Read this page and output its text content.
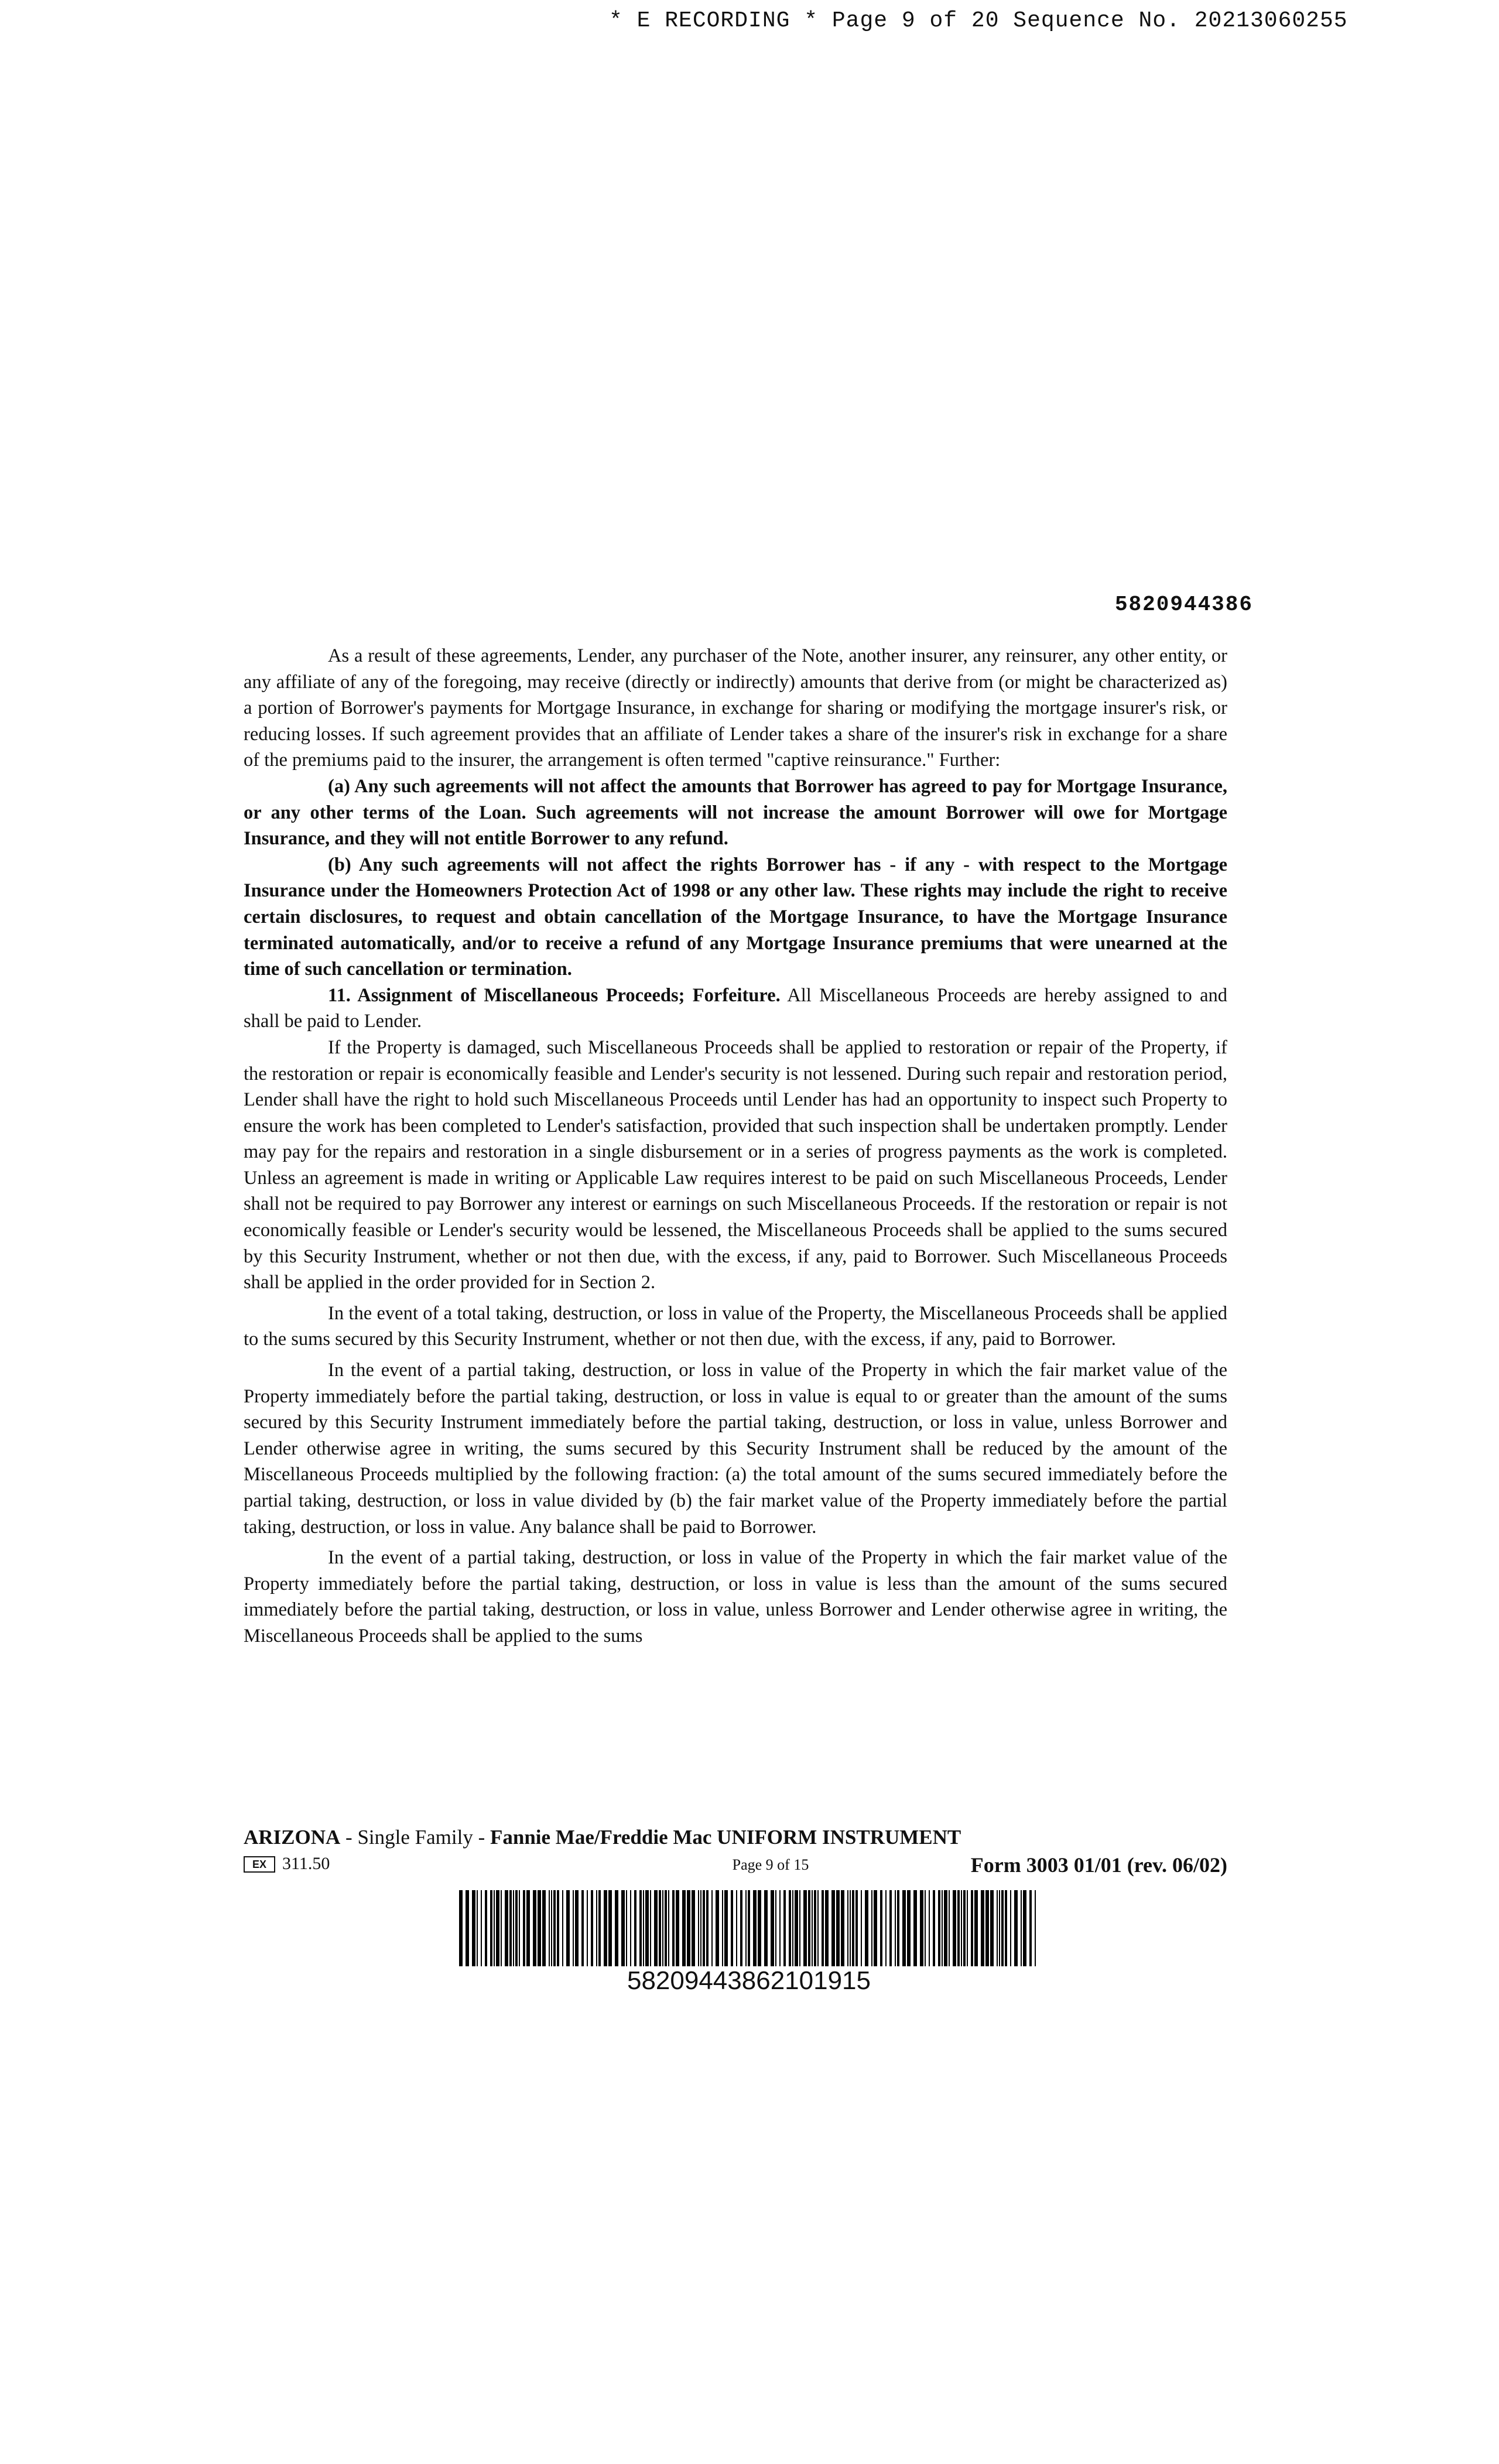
* E RECORDING * Page 9 of 20 Sequence No. 20213060255
5820944386

As a result of these agreements, Lender, any purchaser of the Note, another insurer, any reinsurer, any other entity, or any affiliate of any of the foregoing, may receive (directly or indirectly) amounts that derive from (or might be characterized as) a portion of Borrower's payments for Mortgage Insurance, in exchange for sharing or modifying the mortgage insurer's risk, or reducing losses. If such agreement provides that an affiliate of Lender takes a share of the insurer's risk in exchange for a share of the premiums paid to the insurer, the arrangement is often termed "captive reinsurance." Further:

(a) Any such agreements will not affect the amounts that Borrower has agreed to pay for Mortgage Insurance, or any other terms of the Loan. Such agreements will not increase the amount Borrower will owe for Mortgage Insurance, and they will not entitle Borrower to any refund.

(b) Any such agreements will not affect the rights Borrower has - if any - with respect to the Mortgage Insurance under the Homeowners Protection Act of 1998 or any other law. These rights may include the right to receive certain disclosures, to request and obtain cancellation of the Mortgage Insurance, to have the Mortgage Insurance terminated automatically, and/or to receive a refund of any Mortgage Insurance premiums that were unearned at the time of such cancellation or termination.

11. Assignment of Miscellaneous Proceeds; Forfeiture. All Miscellaneous Proceeds are hereby assigned to and shall be paid to Lender.

If the Property is damaged, such Miscellaneous Proceeds shall be applied to restoration or repair of the Property, if the restoration or repair is economically feasible and Lender's security is not lessened. During such repair and restoration period, Lender shall have the right to hold such Miscellaneous Proceeds until Lender has had an opportunity to inspect such Property to ensure the work has been completed to Lender's satisfaction, provided that such inspection shall be undertaken promptly. Lender may pay for the repairs and restoration in a single disbursement or in a series of progress payments as the work is completed. Unless an agreement is made in writing or Applicable Law requires interest to be paid on such Miscellaneous Proceeds, Lender shall not be required to pay Borrower any interest or earnings on such Miscellaneous Proceeds. If the restoration or repair is not economically feasible or Lender's security would be lessened, the Miscellaneous Proceeds shall be applied to the sums secured by this Security Instrument, whether or not then due, with the excess, if any, paid to Borrower. Such Miscellaneous Proceeds shall be applied in the order provided for in Section 2.

In the event of a total taking, destruction, or loss in value of the Property, the Miscellaneous Proceeds shall be applied to the sums secured by this Security Instrument, whether or not then due, with the excess, if any, paid to Borrower.

In the event of a partial taking, destruction, or loss in value of the Property in which the fair market value of the Property immediately before the partial taking, destruction, or loss in value is equal to or greater than the amount of the sums secured by this Security Instrument immediately before the partial taking, destruction, or loss in value, unless Borrower and Lender otherwise agree in writing, the sums secured by this Security Instrument shall be reduced by the amount of the Miscellaneous Proceeds multiplied by the following fraction: (a) the total amount of the sums secured immediately before the partial taking, destruction, or loss in value divided by (b) the fair market value of the Property immediately before the partial taking, destruction, or loss in value. Any balance shall be paid to Borrower.

In the event of a partial taking, destruction, or loss in value of the Property in which the fair market value of the Property immediately before the partial taking, destruction, or loss in value is less than the amount of the sums secured immediately before the partial taking, destruction, or loss in value, unless Borrower and Lender otherwise agree in writing, the Miscellaneous Proceeds shall be applied to the sums

ARIZONA - Single Family - Fannie Mae/Freddie Mac UNIFORM INSTRUMENT
EX 311.50	Page 9 of 15	Form 3003 01/01 (rev. 06/02)
58209443862101915
